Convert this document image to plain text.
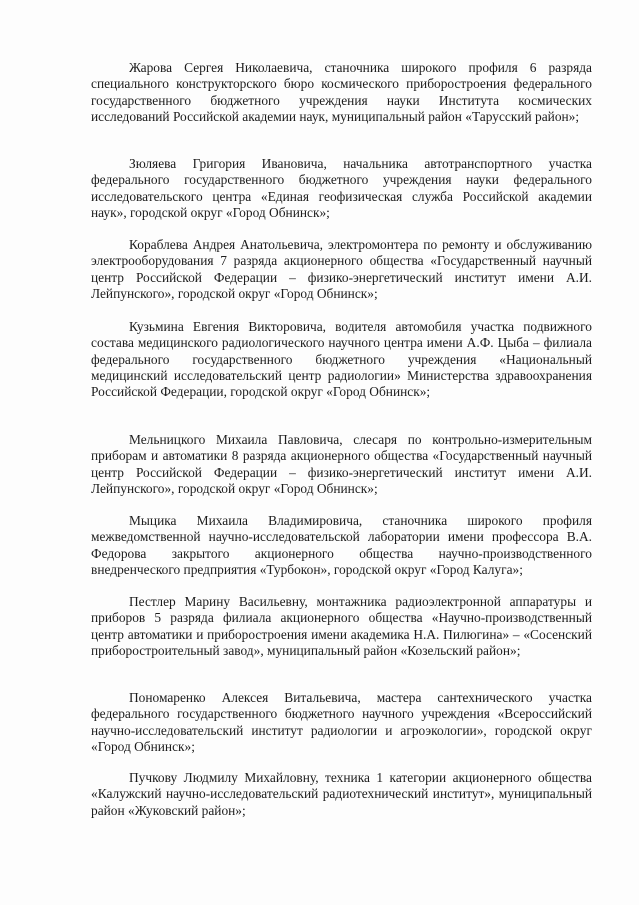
Жарова Сергея Николаевича, станочника широкого профиля 6 разряда специального конструкторского бюро космического приборостроения федерального государственного бюджетного учреждения науки Института космических исследований Российской академии наук, муниципальный район «Тарусский район»;

Зюляева Григория Ивановича, начальника автотранспортного участка федерального государственного бюджетного учреждения науки федерального исследовательского центра «Единая геофизическая служба Российской академии наук», городской округ «Город Обнинск»;

Кораблева Андрея Анатольевича, электромонтера по ремонту и обслуживанию электрооборудования 7 разряда акционерного общества «Государственный научный центр Российской Федерации – физико-энергетический институт имени А.И. Лейпунского», городской округ «Город Обнинск»;

Кузьмина Евгения Викторовича, водителя автомобиля участка подвижного состава медицинского радиологического научного центра имени А.Ф. Цыба – филиала федерального государственного бюджетного учреждения «Национальный медицинский исследовательский центр радиологии» Министерства здравоохранения Российской Федерации, городской округ «Город Обнинск»;

Мельницкого Михаила Павловича, слесаря по контрольно-измерительным приборам и автоматики 8 разряда акционерного общества «Государственный научный центр Российской Федерации – физико-энергетический институт имени А.И. Лейпунского», городской округ «Город Обнинск»;

Мыцика Михаила Владимировича, станочника широкого профиля межведомственной научно-исследовательской лаборатории имени профессора В.А. Федорова закрытого акционерного общества научно-производственного внедренческого предприятия «Турбокон», городской округ «Город Калуга»;

Пестлер Марину Васильевну, монтажника радиоэлектронной аппаратуры и приборов 5 разряда филиала акционерного общества «Научно-производственный центр автоматики и приборостроения имени академика Н.А. Пилюгина» – «Сосенский приборостроительный завод», муниципальный район «Козельский район»;

Пономаренко Алексея Витальевича, мастера сантехнического участка федерального государственного бюджетного научного учреждения «Всероссийский научно-исследовательский институт радиологии и агроэкологии», городской округ «Город Обнинск»;

Пучкову Людмилу Михайловну, техника 1 категории акционерного общества «Калужский научно-исследовательский радиотехнический институт», муниципальный район «Жуковский район»;
